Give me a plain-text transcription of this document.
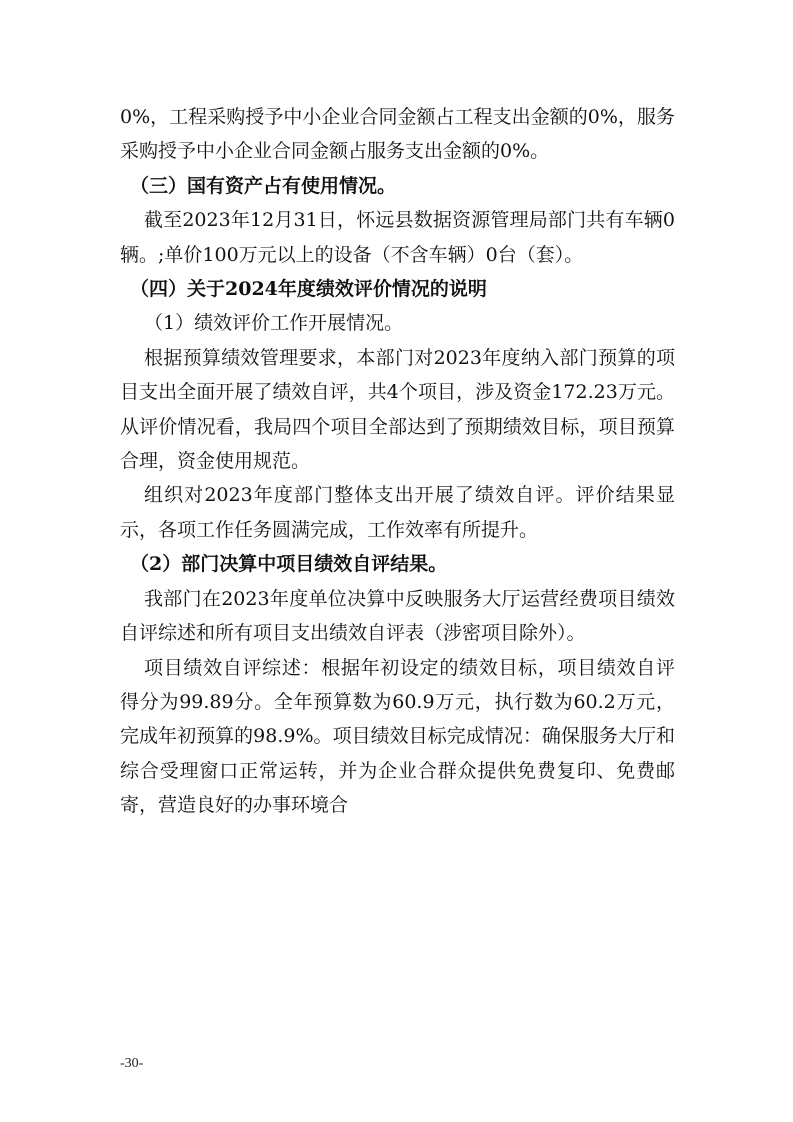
0%，工程采购授予中小企业合同金额占工程支出金额的0%，服务采购授予中小企业合同金额占服务支出金额的0%。

（三）国有资产占有使用情况。

截至2023年12月31日，怀远县数据资源管理局部门共有车辆0辆。;单价100万元以上的设备（不含车辆）0台（套）。

（四）关于2024年度绩效评价情况的说明

（1）绩效评价工作开展情况。

根据预算绩效管理要求，本部门对2023年度纳入部门预算的项目支出全面开展了绩效自评，共4个项目，涉及资金172.23万元。从评价情况看，我局四个项目全部达到了预期绩效目标，项目预算合理，资金使用规范。

组织对2023年度部门整体支出开展了绩效自评。评价结果显示，各项工作任务圆满完成，工作效率有所提升。

（2）部门决算中项目绩效自评结果。

我部门在2023年度单位决算中反映服务大厅运营经费项目绩效自评综述和所有项目支出绩效自评表（涉密项目除外）。

项目绩效自评综述：根据年初设定的绩效目标，项目绩效自评得分为99.89分。全年预算数为60.9万元，执行数为60.2万元，完成年初预算的98.9%。项目绩效目标完成情况：确保服务大厅和综合受理窗口正常运转，并为企业合群众提供免费复印、免费邮寄，营造良好的办事环境合

-30-
